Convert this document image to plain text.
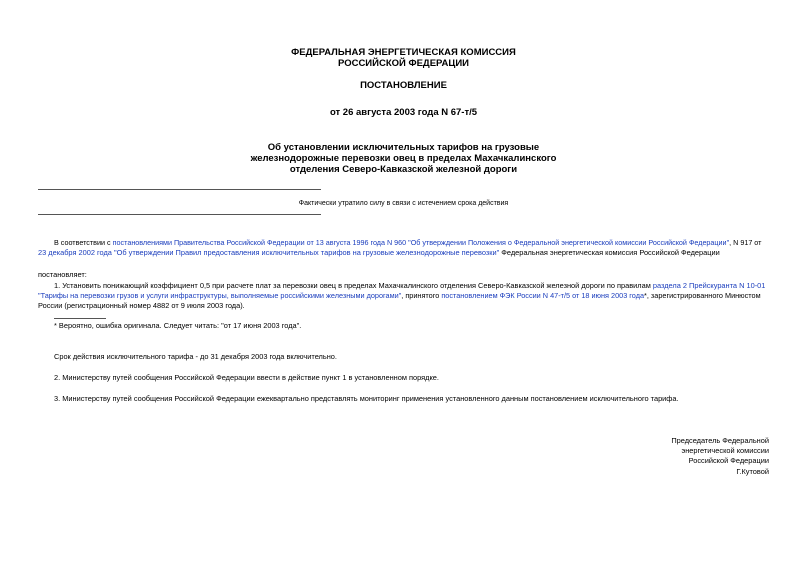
ФЕДЕРАЛЬНАЯ ЭНЕРГЕТИЧЕСКАЯ КОМИССИЯ
РОССИЙСКОЙ ФЕДЕРАЦИИ
ПОСТАНОВЛЕНИЕ
от 26 августа 2003 года N 67-т/5
Об установлении исключительных тарифов на грузовые
железнодорожные перевозки овец в пределах Махачкалинского
отделения Северо-Кавказской железной дороги
Фактически утратило силу в связи с истечением срока действия
В соответствии с постановлениями Правительства Российской Федерации от 13 августа 1996 года N 960 "Об утверждении Положения о Федеральной энергетической комиссии Российской Федерации", N 917 от
23 декабря 2002 года "Об утверждении Правил предоставления исключительных тарифов на грузовые железнодорожные перевозки" Федеральная энергетическая комиссия Российской Федерации
постановляет:
1. Установить понижающий коэффициент 0,5 при расчете плат за перевозки овец в пределах Махачкалинского отделения Северо-Кавказской железной дороги по правилам раздела 2 Прейскуранта N 10-01
"Тарифы на перевозки грузов и услуги инфраструктуры, выполняемые российскими железными дорогами", принятого постановлением ФЭК России N 47-т/5 от 18 июня 2003 года*, зарегистрированного Минюстом
России (регистрационный номер 4882 от 9 июля 2003 года).
* Вероятно, ошибка оригинала. Следует читать: "от 17 июня 2003 года".
Срок действия исключительного тарифа - до 31 декабря 2003 года включительно.
2. Министерству путей сообщения Российской Федерации ввести в действие пункт 1 в установленном порядке.
3. Министерству путей сообщения Российской Федерации ежеквартально представлять мониторинг применения установленного данным постановлением исключительного тарифа.
Председатель Федеральной
энергетической комиссии
Российской Федерации
Г.Кутовой
